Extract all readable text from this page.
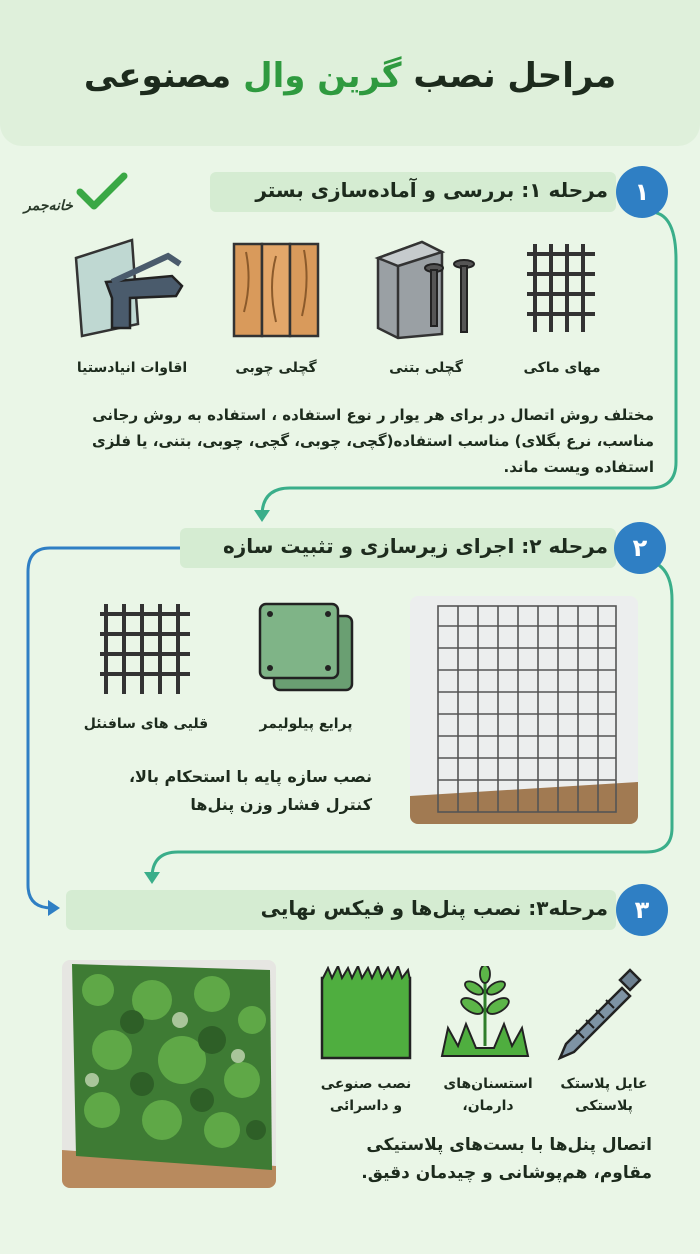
مراحل نصب گرین وال مصنوعی
خانه‌جمر
مرحله ۱: بررسی و آماده‌سازی بستر	۱
مهای ماکی
گچلی بتنی
گچلی چوبی
اقاوات انیادستیا
مختلف روش اتصال در برای هر یوار ر نوع استفاده ، استفاده به روش رجانی مناسب، نرع بگلای) مناسب استفاده(گچی، چوبی، گچی، چوبی، بتنی، یا فلزی استفاده ویست ماند.
مرحله ۲: اجرای زیرسازی و تثبیت سازه	۲
پرایع پیلولیمر
قلیی های سافنئل
نصب سازه پایه با استحکام بالا،
کنترل فشار وزن پنل‌ها
مرحله۳: نصب پنل‌ها و فیکس نهایی	۳
عایل پلاستک
پلاستکی
استسنان‌های
دارمان،
نصب صنوعی
و داسرائی
اتصال پنل‌ها با بست‌های پلاستیکی
مقاوم، هم‌پوشانی و چیدمان دقیق.
